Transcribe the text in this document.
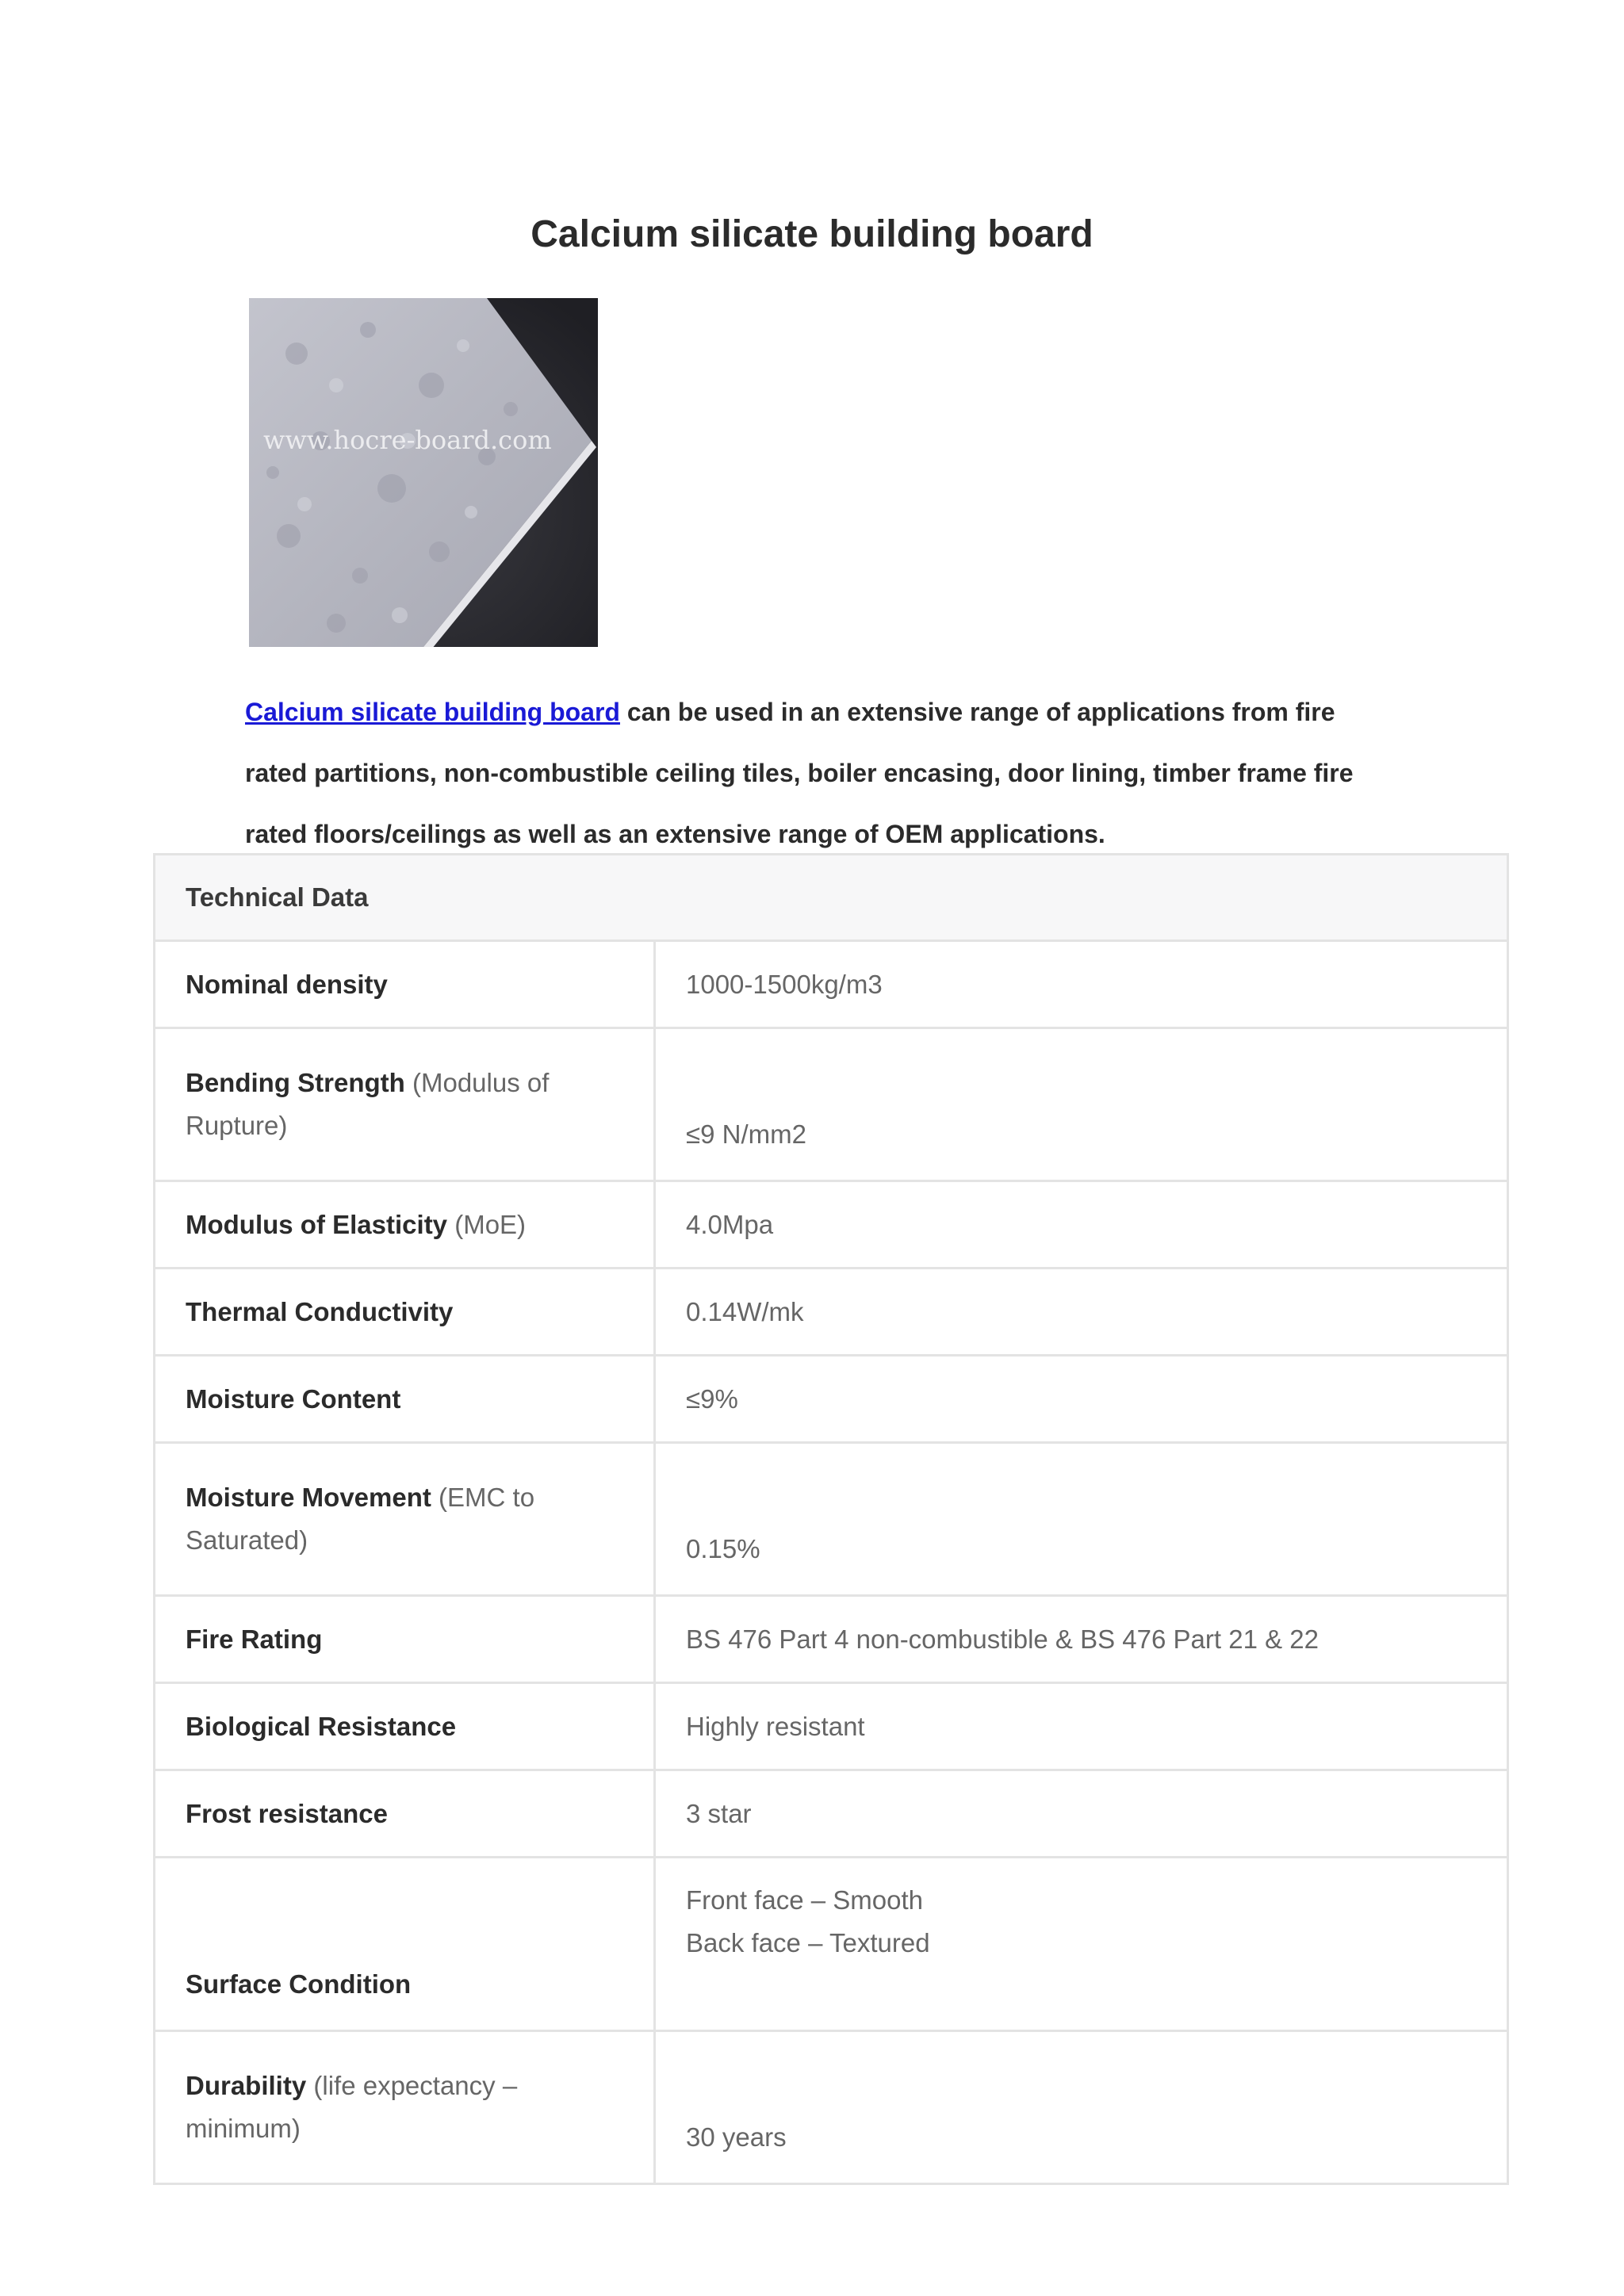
Calcium silicate building board
www.hocre-board.com
Calcium silicate building board can be used in an extensive range of applications from fire rated partitions, non-combustible ceiling tiles, boiler encasing, door lining, timber frame fire rated floors/ceilings as well as an extensive range of OEM applications.
Technical Data	
Nominal density	1000-1500kg/m3
Bending Strength (Modulus of Rupture)	≤9 N/mm2
Modulus of Elasticity (MoE)	4.0Mpa
Thermal Conductivity	0.14W/mk
Moisture Content	≤9%
Moisture Movement (EMC to Saturated)	0.15%
Fire Rating	BS 476 Part 4 non-combustible & BS 476 Part 21 & 22
Biological Resistance	Highly resistant
Frost resistance	3 star
Surface Condition	Front face – Smooth
Back face – Textured

Durability (life expectancy – minimum)	30 years
